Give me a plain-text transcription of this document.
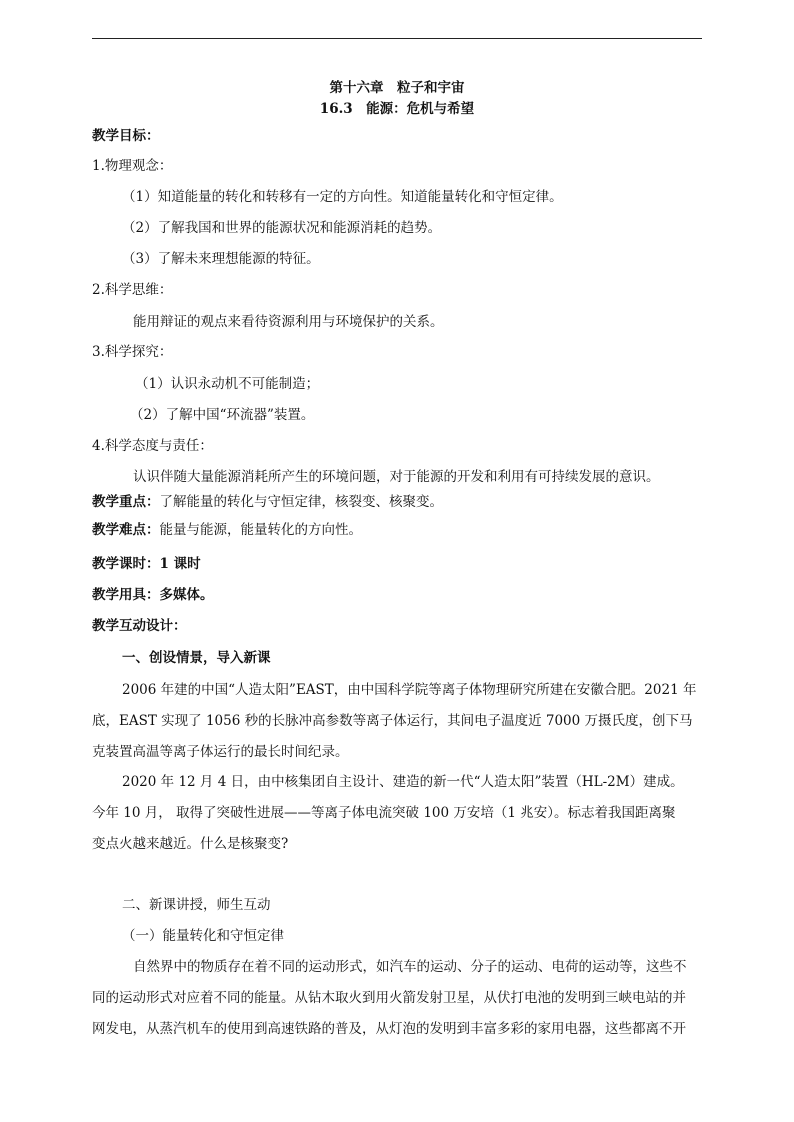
第十六章　粒子和宇宙
16.3　能源：危机与希望
教学目标：
1.物理观念：
（1）知道能量的转化和转移有一定的方向性。知道能量转化和守恒定律。
（2）了解我国和世界的能源状况和能源消耗的趋势。
（3）了解未来理想能源的特征。
2.科学思维：
能用辩证的观点来看待资源利用与环境保护的关系。
3.科学探究：
（1）认识永动机不可能制造；
（2）了解中国“环流器”装置。
4.科学态度与责任：
认识伴随大量能源消耗所产生的环境问题，对于能源的开发和利用有可持续发展的意识。
教学重点：了解能量的转化与守恒定律，核裂变、核聚变。
教学难点：能量与能源，能量转化的方向性。
教学课时：1 课时
教学用具：多媒体。
教学互动设计：
一、创设情景，导入新课
2006 年建的中国“人造太阳”EAST，由中国科学院等离子体物理研究所建在安徽合肥。2021 年
底，EAST 实现了 1056 秒的长脉冲高参数等离子体运行，其间电子温度近 7000 万摄氏度，创下马
克装置高温等离子体运行的最长时间纪录。
2020 年 12 月 4 日，由中核集团自主设计、建造的新一代“人造太阳”装置（HL-2M）建成。
今年 10 月， 取得了突破性进展——等离子体电流突破 100 万安培（1 兆安）。标志着我国距离聚
变点火越来越近。什么是核聚变?
二、新课讲授，师生互动
（一）能量转化和守恒定律
自然界中的物质存在着不同的运动形式，如汽车的运动、分子的运动、电荷的运动等，这些不
同的运动形式对应着不同的能量。从钻木取火到用火箭发射卫星，从伏打电池的发明到三峡电站的并
网发电，从蒸汽机车的使用到高速铁路的普及，从灯泡的发明到丰富多彩的家用电器，这些都离不开
